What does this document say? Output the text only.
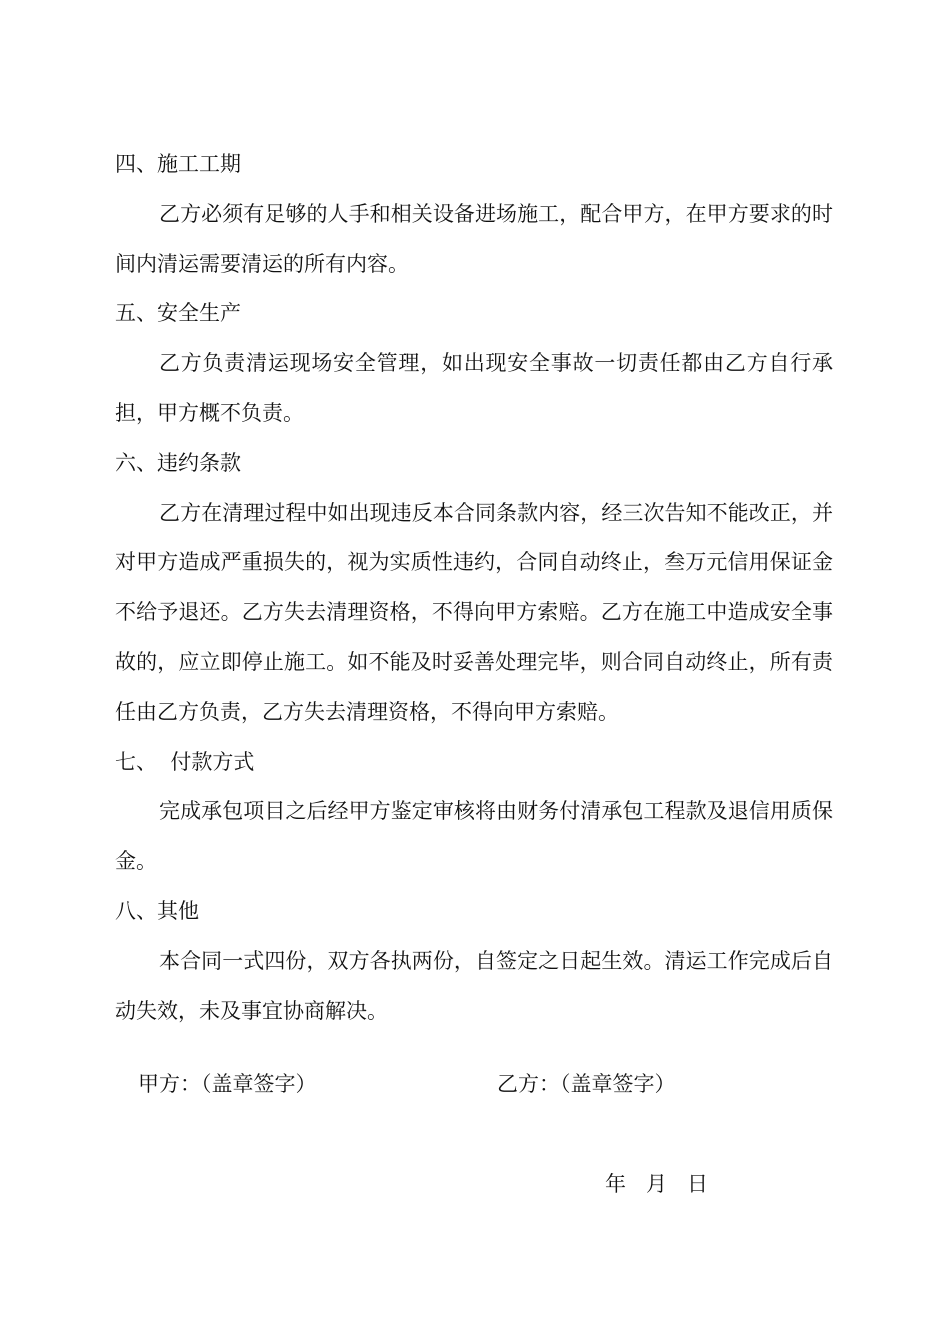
四、施工工期

乙方必须有足够的人手和相关设备进场施工，配合甲方，在甲方要求的时间内清运需要清运的所有内容。

五、安全生产

乙方负责清运现场安全管理，如出现安全事故一切责任都由乙方自行承担，甲方概不负责。

六、违约条款

乙方在清理过程中如出现违反本合同条款内容，经三次告知不能改正，并对甲方造成严重损失的，视为实质性违约，合同自动终止，叁万元信用保证金不给予退还。乙方失去清理资格，不得向甲方索赔。乙方在施工中造成安全事故的，应立即停止施工。如不能及时妥善处理完毕，则合同自动终止，所有责任由乙方负责，乙方失去清理资格，不得向甲方索赔。

七、  付款方式

完成承包项目之后经甲方鉴定审核将由财务付清承包工程款及退信用质保金。

八、其他

本合同一式四份，双方各执两份，自签定之日起生效。清运工作完成后自动失效，未及事宜协商解决。

甲方：（盖章签字）	乙方：（盖章签字）
年   月   日
